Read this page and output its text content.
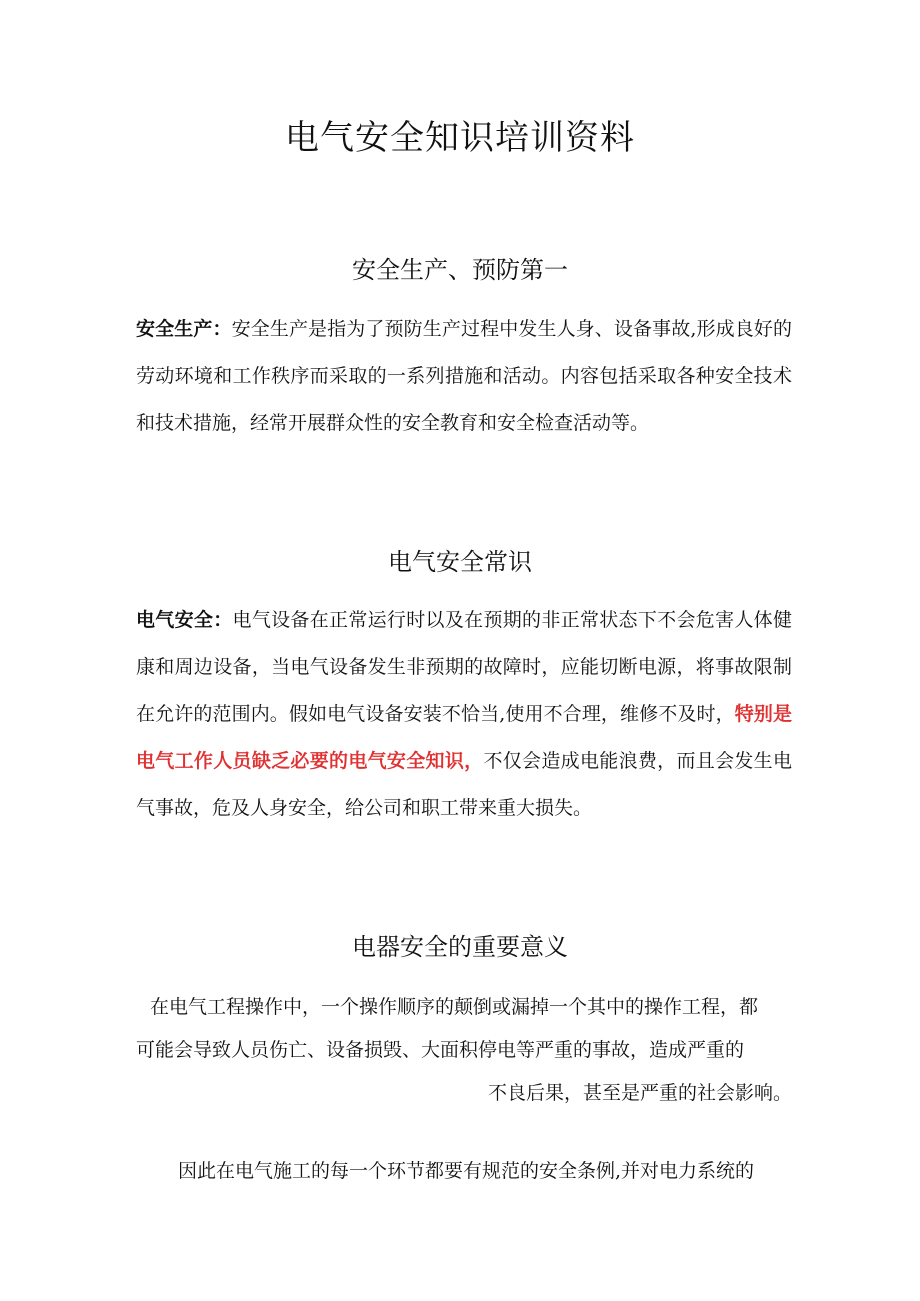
电气安全知识培训资料
安全生产、预防第一

安全生产：安全生产是指为了预防生产过程中发生人身、设备事故,形成良好的劳动环境和工作秩序而采取的一系列措施和活动。内容包括采取各种安全技术和技术措施，经常开展群众性的安全教育和安全检查活动等。

电气安全常识

电气安全：电气设备在正常运行时以及在预期的非正常状态下不会危害人体健康和周边设备，当电气设备发生非预期的故障时，应能切断电源，将事故限制在允许的范围内。假如电气设备安装不恰当,使用不合理，维修不及时，特别是电气工作人员缺乏必要的电气安全知识，不仅会造成电能浪费，而且会发生电气事故，危及人身安全，给公司和职工带来重大损失。

电器安全的重要意义

在电气工程操作中，一个操作顺序的颠倒或漏掉一个其中的操作工程，都

可能会导致人员伤亡、设备损毁、大面积停电等严重的事故，造成严重的

不良后果，甚至是严重的社会影响。

因此在电气施工的每一个环节都要有规范的安全条例,并对电力系统的
